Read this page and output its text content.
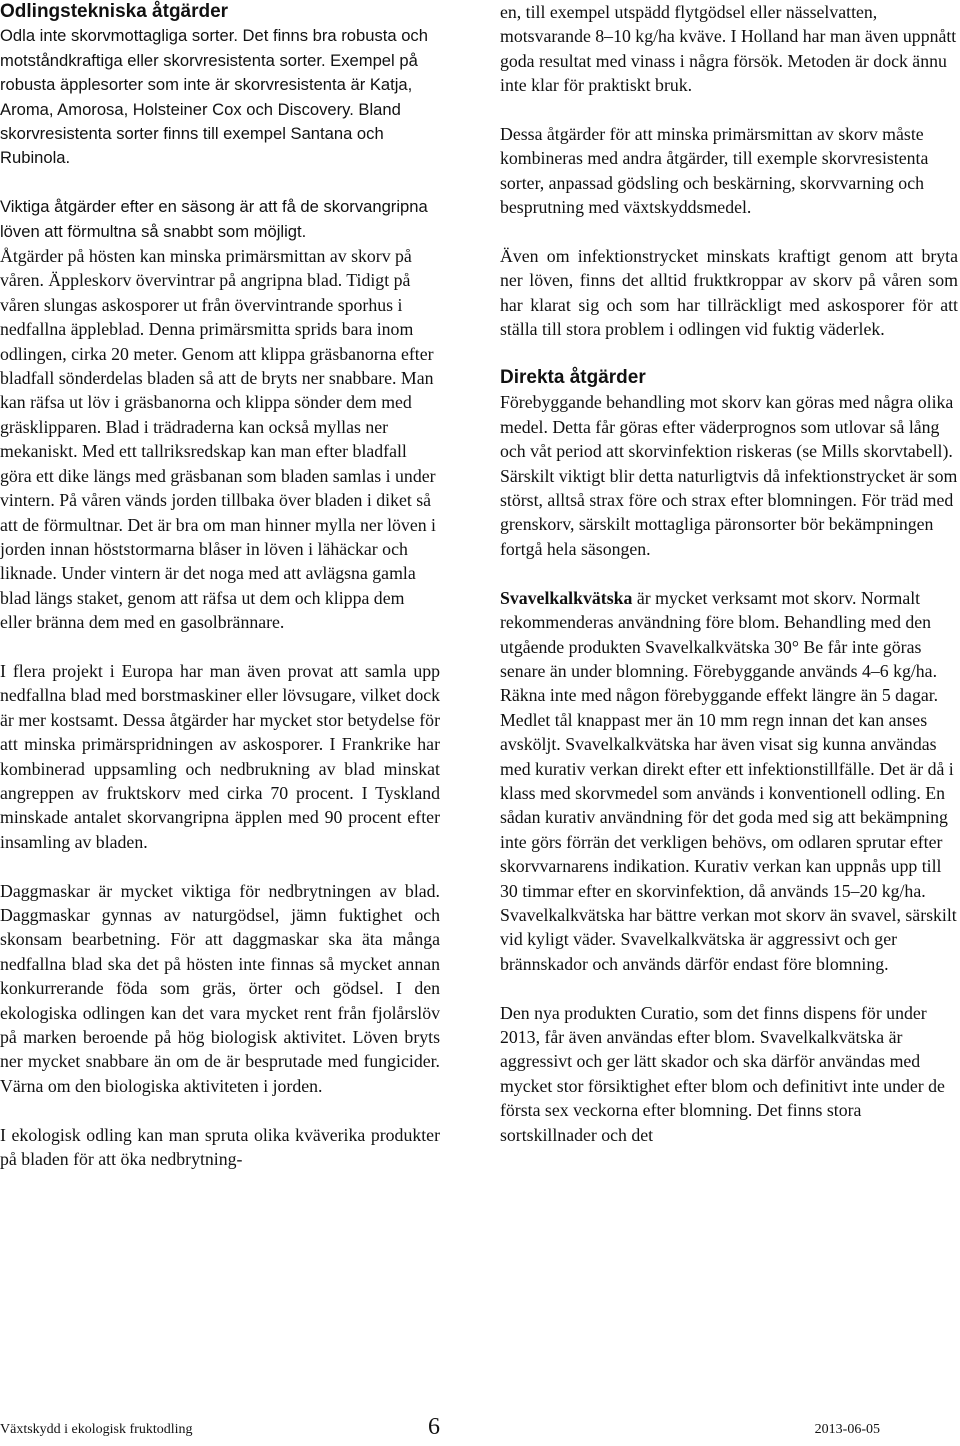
Odlingstekniska åtgärder

Odla inte skorvmottagliga sorter. Det finns bra robusta och motståndkraftiga eller skorvresistenta sorter. Exempel på robusta äpplesorter som inte är skorvresistenta är Katja, Aroma, Amorosa, Holsteiner Cox och Discovery. Bland skorvresistenta sorter finns till exempel Santana och Rubinola.

Viktiga åtgärder efter en säsong är att få de skorvangripna löven att förmultna så snabbt som möjligt.

Åtgärder på hösten kan minska primärsmittan av skorv på våren. Äppleskorv övervintrar på angripna blad. Tidigt på våren slungas askosporer ut från övervintrande sporhus i nedfallna äppleblad. Denna primärsmitta sprids bara inom odlingen, cirka 20 meter. Genom att klippa gräsbanorna efter bladfall sönderdelas bladen så att de bryts ner snabbare. Man kan räfsa ut löv i gräsbanorna och klippa sönder dem med gräsklipparen. Blad i trädraderna kan också myllas ner mekaniskt. Med ett tallriksredskap kan man efter bladfall göra ett dike längs med gräsbanan som bladen samlas i under vintern. På våren vänds jorden tillbaka över bladen i diket så att de förmultnar. Det är bra om man hinner mylla ner löven i jorden innan höststormarna blåser in löven i lähäckar och liknade. Under vintern är det noga med att avlägsna gamla blad längs staket, genom att räfsa ut dem och klippa dem eller bränna dem med en gasolbrännare.

I flera projekt i Europa har man även provat att samla upp nedfallna blad med borstmaskiner eller lövsugare, vilket dock är mer kostsamt. Dessa åtgärder har mycket stor betydelse för att minska primärspridningen av askosporer. I Frankrike har kombinerad uppsamling och nedbrukning av blad minskat angreppen av fruktskorv med cirka 70 procent. I Tyskland minskade antalet skorvangripna äpplen med 90 procent efter insamling av bladen.

Daggmaskar är mycket viktiga för nedbrytningen av blad. Daggmaskar gynnas av naturgödsel, jämn fuktighet och skonsam bearbetning. För att daggmaskar ska äta många nedfallna blad ska det på hösten inte finnas så mycket annan konkurrerande föda som gräs, örter och gödsel. I den ekologiska odlingen kan det vara mycket rent från fjolårslöv på marken beroende på hög biologisk aktivitet. Löven bryts ner mycket snabbare än om de är besprutade med fungicider. Värna om den biologiska aktiviteten i jorden.

I ekologisk odling kan man spruta olika kväverika produkter på bladen för att öka nedbrytning-

en, till exempel utspädd flytgödsel eller nässelvatten, motsvarande 8–10 kg/ha kväve. I Holland har man även uppnått goda resultat med vinass i några försök. Metoden är dock ännu inte klar för praktiskt bruk.

Dessa åtgärder för att minska primärsmittan av skorv måste kombineras med andra åtgärder, till exemple skorvresistenta sorter, anpassad gödsling och beskärning, skorvvarning och besprutning med växtskyddsmedel.

Även om infektionstrycket minskats kraftigt genom att bryta ner löven, finns det alltid fruktkroppar av skorv på våren som har klarat sig och som har tillräckligt med askosporer för att ställa till stora problem i odlingen vid fuktig väderlek.

Direkta åtgärder

Förebyggande behandling mot skorv kan göras med några olika medel. Detta får göras efter väderprognos som utlovar så lång och våt period att skorvinfektion riskeras (se Mills skorvtabell). Särskilt viktigt blir detta naturligtvis då infektionstrycket är som störst, alltså strax före och strax efter blomningen. För träd med grenskorv, särskilt mottagliga päronsorter bör bekämpningen fortgå hela säsongen.

Svavelkalkvätska är mycket verksamt mot skorv. Normalt rekommenderas användning före blom. Behandling med den utgående produkten Svavelkalkvätska 30° Be får inte göras senare än under blomning. Förebyggande används 4–6 kg/ha. Räkna inte med någon förebyggande effekt längre än 5 dagar. Medlet tål knappast mer än 10 mm regn innan det kan anses avsköljt. Svavelkalkvätska har även visat sig kunna användas med kurativ verkan direkt efter ett infektionstillfälle. Det är då i klass med skorvmedel som används i konventionell odling. En sådan kurativ användning för det goda med sig att bekämpning inte görs förrän det verkligen behövs, om odlaren sprutar efter skorvvarnarens indikation. Kurativ verkan kan uppnås upp till 30 timmar efter en skorvinfektion, då används 15–20 kg/ha. Svavelkalkvätska har bättre verkan mot skorv än svavel, särskilt vid kyligt väder. Svavelkalkvätska är aggressivt och ger brännskador och används därför endast före blomning.

Den nya produkten Curatio, som det finns dispens för under 2013, får även användas efter blom. Svavelkalkvätska är aggressivt och ger lätt skador och ska därför användas med mycket stor försiktighet efter blom och definitivt inte under de första sex veckorna efter blomning. Det finns stora sortskillnader och det

Växtskydd i ekologisk fruktodling	6	2013-06-05
